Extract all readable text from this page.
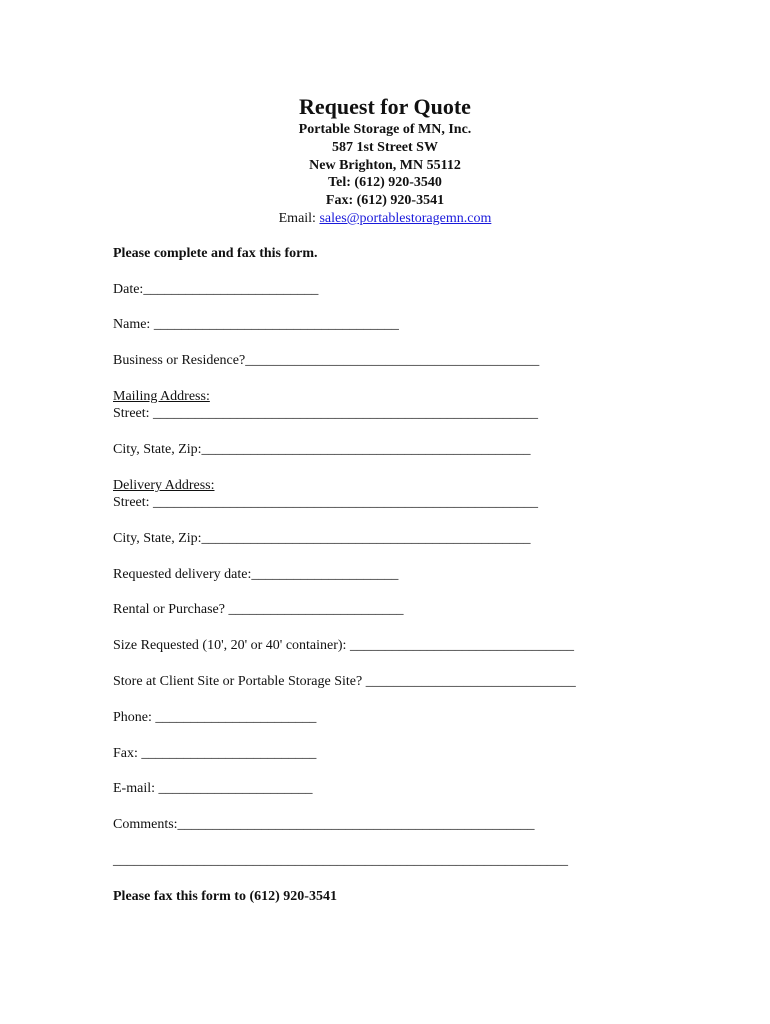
Request for Quote
Portable Storage of MN, Inc.
587 1st Street SW
New Brighton, MN 55112
Tel: (612) 920-3540
Fax: (612) 920-3541
Email: sales@portablestoragemn.com
Please complete and fax this form.
Date:_________________________
Name: ___________________________________
Business or Residence?__________________________________________
Mailing Address:
Street: _______________________________________________________
City, State, Zip:_______________________________________________
Delivery Address:
Street: _______________________________________________________
City, State, Zip:_______________________________________________
Requested delivery date:_____________________
Rental or Purchase? _________________________
Size Requested (10', 20' or 40' container): ________________________________
Store at Client Site or Portable Storage Site? ______________________________
Phone: _______________________
Fax: _________________________
E-mail: ______________________
Comments:___________________________________________________
_________________________________________________________________
Please fax this form to (612) 920-3541
